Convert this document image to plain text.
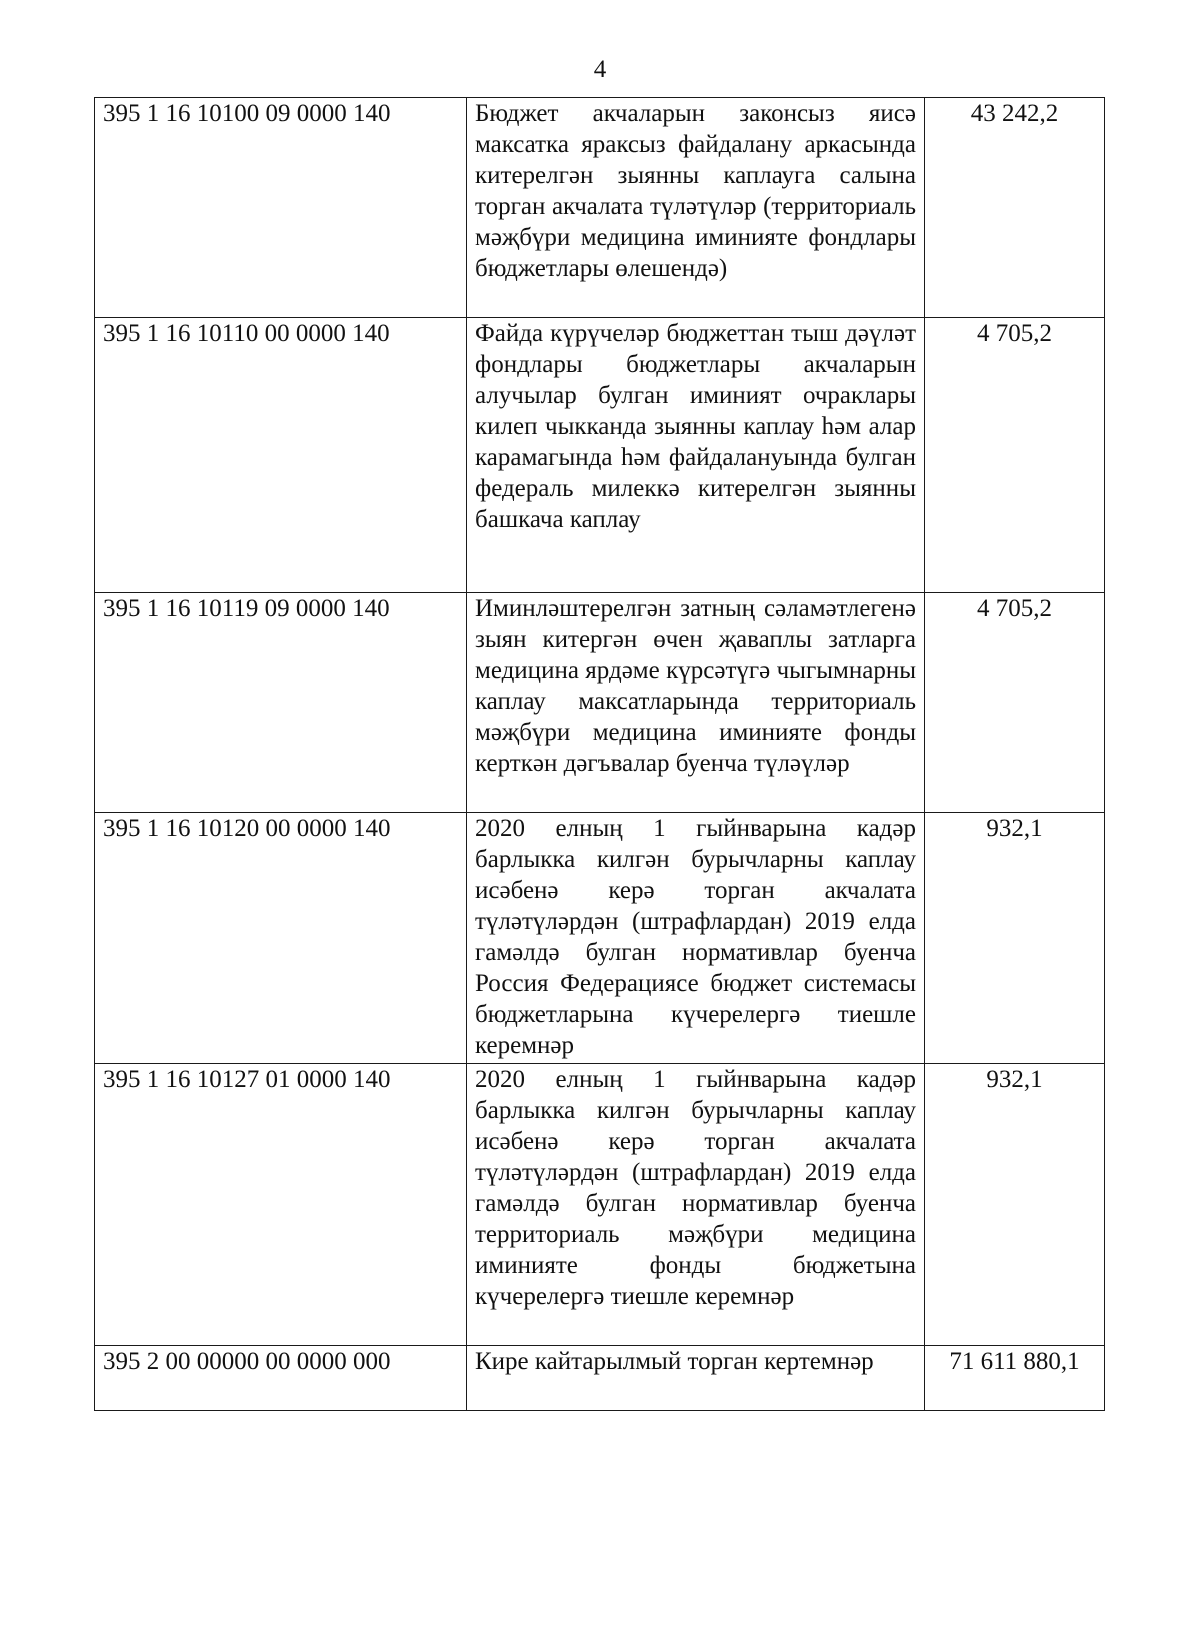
4
395 1 16 10100 09 0000 140	Бюджет акчаларын законсыз яисә максатка яраксыз файдалану аркасында китерелгән зыянны каплауга салына торган акчалата түләтүләр (территориаль мәҗбүри медицина иминияте фондлары бюджетлары өлешендә)	43 242,2
395 1 16 10110 00 0000 140	Файда күрүчеләр бюджеттан тыш дәүләт фондлары бюджетлары акчаларын алучылар булган иминият очраклары килеп чыкканда зыянны каплау һәм алар карамагында һәм файдалануында булган федераль милеккә китерелгән зыянны башкача каплау	4 705,2
395 1 16 10119 09 0000 140	Иминләштерелгән затның сәламәтлегенә зыян китергән өчен җаваплы затларга медицина ярдәме күрсәтүгә чыгымнарны каплау максатларында территориаль мәҗбүри медицина иминияте фонды керткән дәгъвалар буенча түләүләр	4 705,2
395 1 16 10120 00 0000 140	2020 елның 1 гыйнварына кадәр барлыкка килгән бурычларны каплау исәбенә керә торган акчалата түләтүләрдән (штрафлардан) 2019 елда гамәлдә булган нормативлар буенча Россия Федерациясе бюджет системасы бюджетларына күчерелергә тиешле керемнәр	932,1
395 1 16 10127 01 0000 140	2020 елның 1 гыйнварына кадәр барлыкка килгән бурычларны каплау исәбенә керә торган акчалата түләтүләрдән (штрафлардан) 2019 елда гамәлдә булган нормативлар буенча территориаль мәҗбүри медицина иминияте фонды бюджетына күчерелергә тиешле керемнәр	932,1
395 2 00 00000 00 0000 000	Кире кайтарылмый торган кертемнәр	71 611 880,1
